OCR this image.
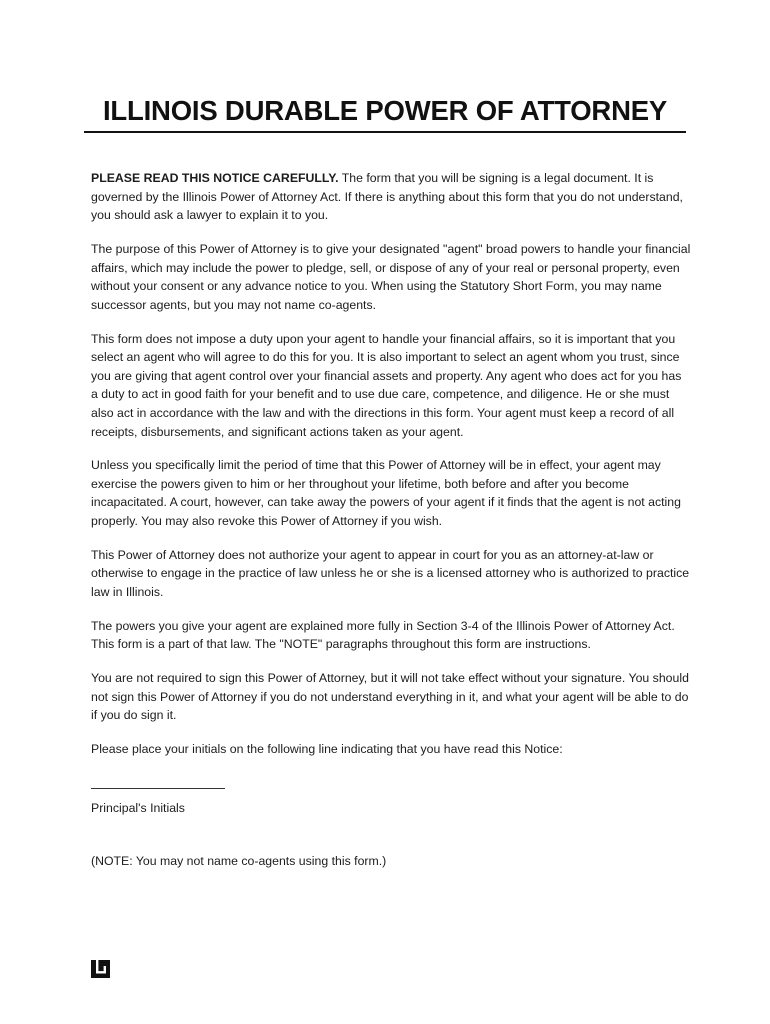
ILLINOIS DURABLE POWER OF ATTORNEY

PLEASE READ THIS NOTICE CAREFULLY. The form that you will be signing is a legal document. It is governed by the Illinois Power of Attorney Act. If there is anything about this form that you do not understand, you should ask a lawyer to explain it to you.

The purpose of this Power of Attorney is to give your designated "agent" broad powers to handle your financial affairs, which may include the power to pledge, sell, or dispose of any of your real or personal property, even without your consent or any advance notice to you. When using the Statutory Short Form, you may name successor agents, but you may not name co-agents.

This form does not impose a duty upon your agent to handle your financial affairs, so it is important that you select an agent who will agree to do this for you. It is also important to select an agent whom you trust, since you are giving that agent control over your financial assets and property. Any agent who does act for you has a duty to act in good faith for your benefit and to use due care, competence, and diligence. He or she must also act in accordance with the law and with the directions in this form. Your agent must keep a record of all receipts, disbursements, and significant actions taken as your agent.

Unless you specifically limit the period of time that this Power of Attorney will be in effect, your agent may exercise the powers given to him or her throughout your lifetime, both before and after you become incapacitated. A court, however, can take away the powers of your agent if it finds that the agent is not acting properly. You may also revoke this Power of Attorney if you wish.

This Power of Attorney does not authorize your agent to appear in court for you as an attorney-at-law or otherwise to engage in the practice of law unless he or she is a licensed attorney who is authorized to practice law in Illinois.

The powers you give your agent are explained more fully in Section 3-4 of the Illinois Power of Attorney Act. This form is a part of that law. The "NOTE" paragraphs throughout this form are instructions.

You are not required to sign this Power of Attorney, but it will not take effect without your signature. You should not sign this Power of Attorney if you do not understand everything in it, and what your agent will be able to do if you do sign it.

Please place your initials on the following line indicating that you have read this Notice:

Principal's Initials
(NOTE: You may not name co-agents using this form.)
